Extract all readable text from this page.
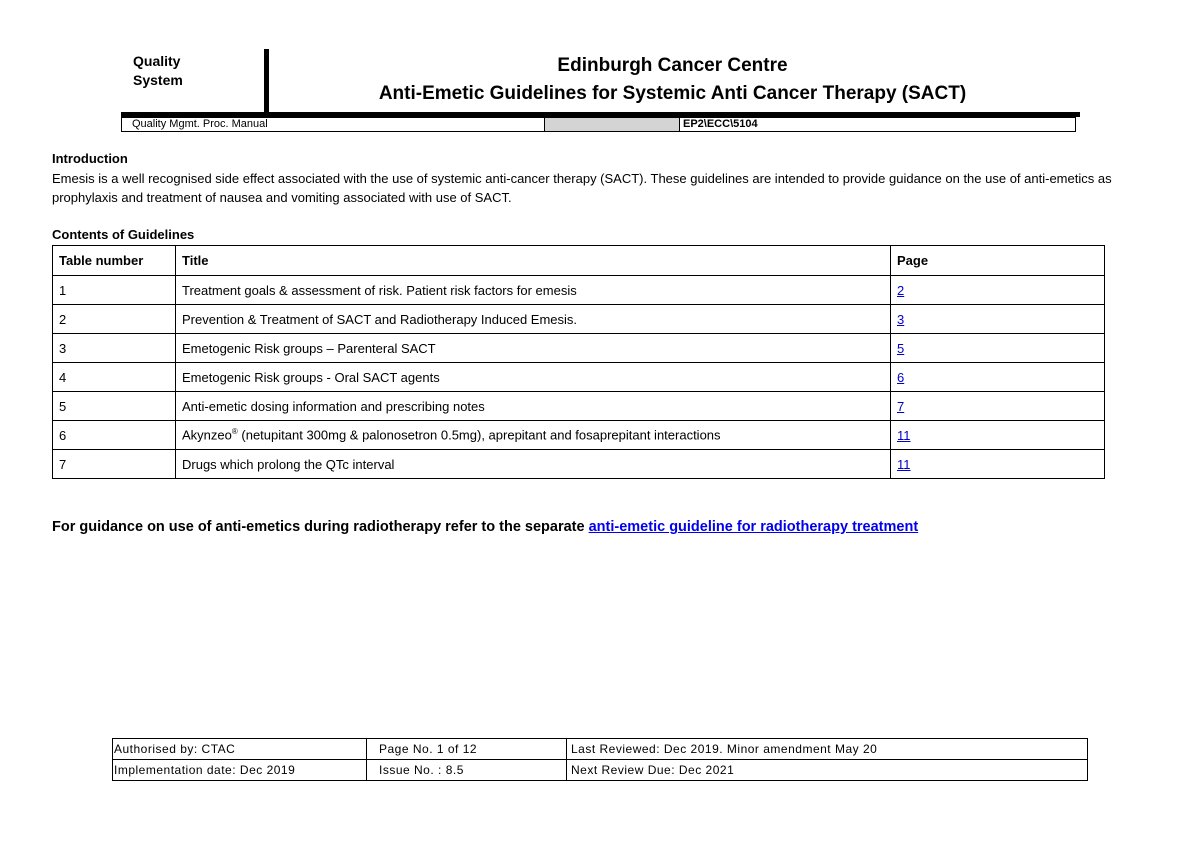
Quality
System
Edinburgh Cancer Centre
Anti-Emetic Guidelines for Systemic Anti Cancer Therapy (SACT)
Quality Mgmt. Proc. Manual	EP2\ECC\5104
Introduction
Emesis is a well recognised side effect associated with the use of systemic anti-cancer therapy (SACT). These guidelines are intended to provide guidance on the use of anti-emetics as prophylaxis and treatment of nausea and vomiting associated with use of SACT.
Contents of Guidelines
Table number	Title	Page
1	Treatment goals & assessment of risk. Patient risk factors for emesis	2
2	Prevention & Treatment of SACT and Radiotherapy Induced Emesis.	3
3	Emetogenic Risk groups – Parenteral SACT	5
4	Emetogenic Risk groups - Oral SACT agents	6
5	Anti-emetic dosing information and prescribing notes	7
6	Akynzeo® (netupitant 300mg & palonosetron 0.5mg), aprepitant and fosaprepitant interactions	11
7	Drugs which prolong the QTc interval	11
For guidance on use of anti-emetics during radiotherapy refer to the separate anti-emetic guideline for radiotherapy treatment
Authorised by: CTAC	Page No. 1 of 12	Last Reviewed: Dec 2019. Minor amendment May 20
Implementation date: Dec 2019	Issue No. : 8.5	Next Review Due: Dec 2021
